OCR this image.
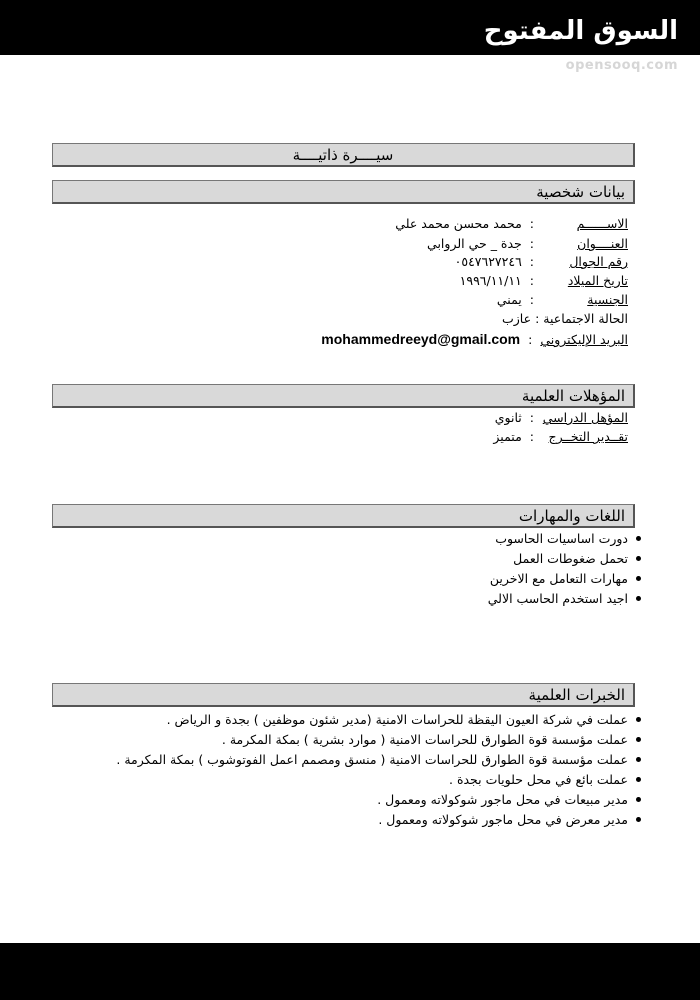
السوق المفتوح
opensooq.com
سيــــرة ذاتيــــة
بيانات شخصية
الاســــــم:محمد محسن محمد علي
العنــــوان:جدة _ حي الروابي
رقم الجوال:٠٥٤٧٦٢٧٢٤٦
تاريخ الميلاد:١٩٩٦/١١/١١
الجنسية:يمني
الحالة الاجتماعية:عازب
البريد الإليكتروني:mohammedreeyd@gmail.com
المؤهلات العلمية
المؤهل الدراسي:ثانوي
تقــدير التخــرج:متميز
اللغات والمهارات
دورت اساسيات الحاسوب
تحمل ضغوطات العمل
مهارات التعامل مع الاخرين
اجيد استخدم الحاسب الالي
الخبرات العلمية
عملت في شركة العيون اليقظة للحراسات الامنية (مدير شئون موظفين ) بجدة و الرياض .
عملت مؤسسة قوة الطوارق للحراسات الامنية ( موارد بشرية ) بمكة المكرمة .
عملت مؤسسة قوة الطوارق للحراسات الامنية ( منسق ومصمم اعمل الفوتوشوب ) بمكة المكرمة .
عملت بائع في محل حلويات بجدة .
مدير مبيعات في محل ماجور شوكولاته ومعمول .
مدير معرض في محل ماجور شوكولاته ومعمول .
